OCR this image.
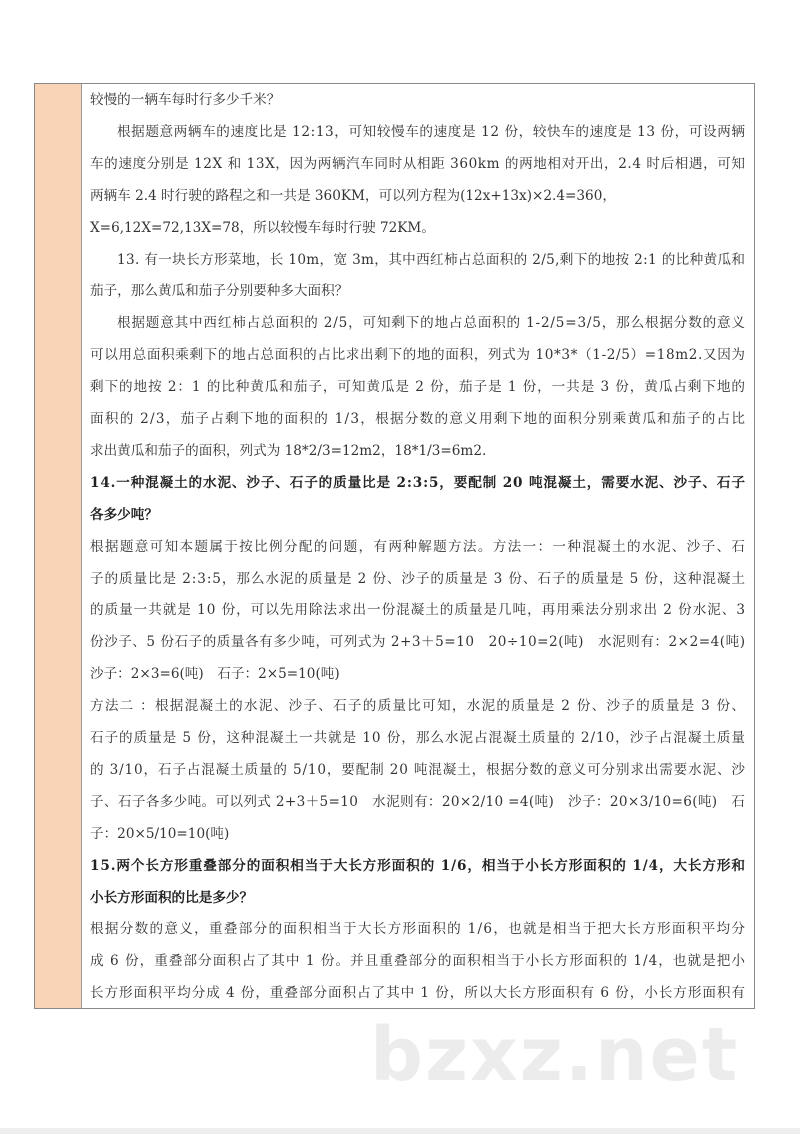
较慢的一辆车每时行多少千米？
根据题意两辆车的速度比是 12:13，可知较慢车的速度是 12 份，较快车的速度是 13 份，可设两辆
车的速度分别是 12X 和 13X，因为两辆汽车同时从相距 360km 的两地相对开出，2.4 时后相遇，可知
两辆车 2.4 时行驶的路程之和一共是 360KM，可以列方程为(12x+13x)×2.4=360，
X=6,12X=72,13X=78，所以较慢车每时行驶 72KM。
13. 有一块长方形菜地，长 10m，宽 3m，其中西红柿占总面积的 2/5,剩下的地按 2:1 的比种黄瓜和
茄子，那么黄瓜和茄子分别要种多大面积？
根据题意其中西红柿占总面积的 2/5，可知剩下的地占总面积的 1-2/5=3/5，那么根据分数的意义
可以用总面积乘剩下的地占总面积的占比求出剩下的地的面积，列式为 10*3*（1-2/5）=18m2.又因为
剩下的地按 2：1 的比种黄瓜和茄子，可知黄瓜是 2 份，茄子是 1 份，一共是 3 份，黄瓜占剩下地的
面积的 2/3，茄子占剩下地的面积的 1/3，根据分数的意义用剩下地的面积分别乘黄瓜和茄子的占比
求出黄瓜和茄子的面积，列式为 18*2/3=12m2，18*1/3=6m2.
14.一种混凝土的水泥、沙子、石子的质量比是 2:3:5，要配制 20 吨混凝土，需要水泥、沙子、石子
各多少吨？
根据题意可知本题属于按比例分配的问题，有两种解题方法。方法一：一种混凝土的水泥、沙子、石
子的质量比是 2:3:5，那么水泥的质量是 2 份、沙子的质量是 3 份、石子的质量是 5 份，这种混凝土
的质量一共就是 10 份，可以先用除法求出一份混凝土的质量是几吨，再用乘法分别求出 2 份水泥、3
份沙子、5 份石子的质量各有多少吨，可列式为 2+3＋5=10　20÷10=2(吨)　水泥则有：2×2=4(吨)
沙子：2×3=6(吨)　石子：2×5=10(吨)
方法二 ：根据混凝土的水泥、沙子、石子的质量比可知，水泥的质量是 2 份、沙子的质量是 3 份、
石子的质量是 5 份，这种混凝土一共就是 10 份，那么水泥占混凝土质量的 2/10，沙子占混凝土质量
的 3/10，石子占混凝土质量的 5/10，要配制 20 吨混凝土，根据分数的意义可分别求出需要水泥、沙
子、石子各多少吨。可以列式 2+3＋5=10　水泥则有：20×2/10 =4(吨)　沙子：20×3/10=6(吨)　石
子：20×5/10=10(吨)
15.两个长方形重叠部分的面积相当于大长方形面积的 1/6，相当于小长方形面积的 1/4，大长方形和
小长方形面积的比是多少？
根据分数的意义，重叠部分的面积相当于大长方形面积的 1/6，也就是相当于把大长方形面积平均分
成 6 份，重叠部分面积占了其中 1 份。并且重叠部分的面积相当于小长方形面积的 1/4，也就是把小
长方形面积平均分成 4 份，重叠部分面积占了其中 1 份，所以大长方形面积有 6 份，小长方形面积有
bzxz.net
